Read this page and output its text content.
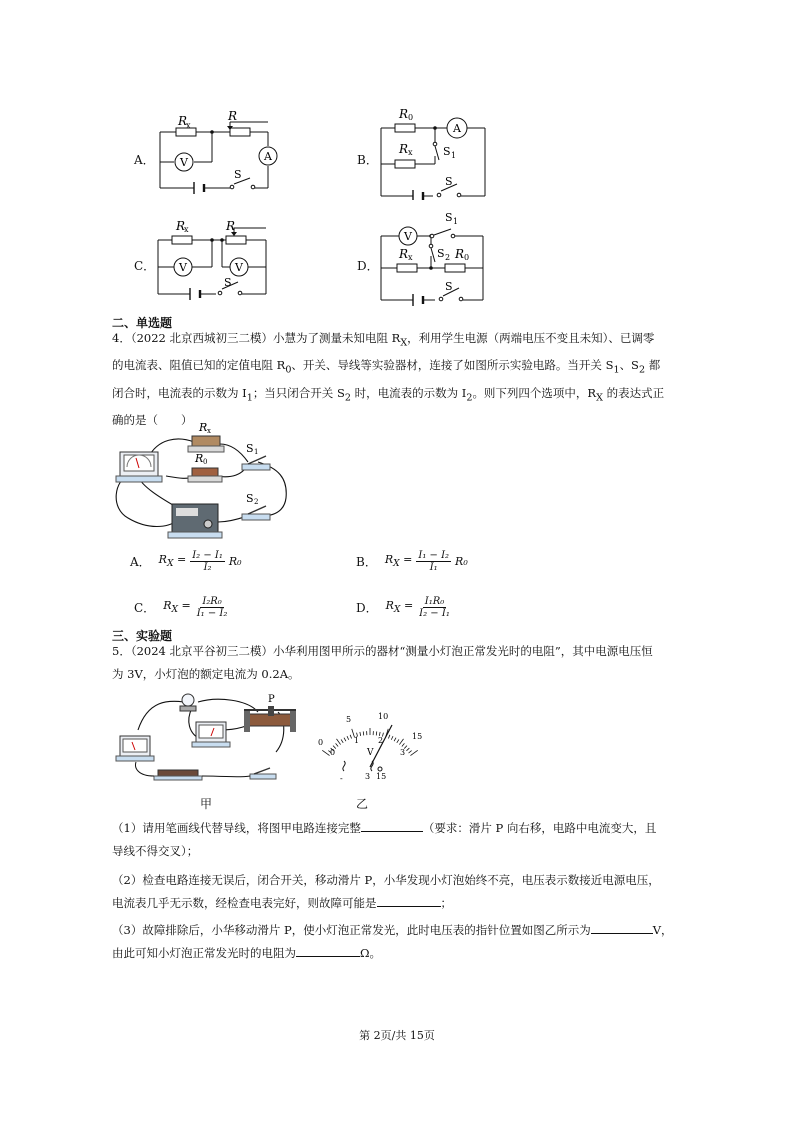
A． V	A
R
x
R
S
B．
A
R 0
R x	S 1
S
C． V	V
R
x	R
S
D．
V
S 1
S 2
R x	R 0
S
二、单选题
4．（2022 北京西城初三二模）小慧为了测量未知电阻 $R_X$，利用学生电源（两端电压不变且未知）、已调零
的电流表、阻值已知的定值电阻 $R_0$、开关、导线等实验器材，连接了如图所示实验电路。当开关 $S_1$、$S_2$ 都
闭合时，电流表的示数为 $I_1$；当只闭合开关 $S_2$ 时，电流表的示数为 $I_2$。则下列四个选项中，$R_X$ 的表达式正
确的是（　　）
R x
R 0
S 1
S 2
A． $R_X = \frac{\text{I₂ − I₁}}{\text{I₂}} R_0$	B． $R_X = \frac{\text{I₁ − I₂}}{\text{I₁}} R_0$
C． $R_X = \frac{\text{I₂R₀}}{\text{I₁ − I₂}}$	D． $R_X = \frac{\text{I₁R₀}}{\text{I₂ − I₁}}$
三、实验题
5．（2024 北京平谷初三二模）小华利用图甲所示的器材“测量小灯泡正常发光时的电阻”，其中电源电压恒
为 3V，小灯泡的额定电流为 0.2A。
P
0
5	10
15
0
1 2
3
V
-	3 15
甲	乙
（1）请用笔画线代替导线，将图甲电路连接完整	（要求：滑片 P 向右移，电路中电流变大，且
导线不得交叉）；
（2）检查电路连接无误后，闭合开关，移动滑片 P，小华发现小灯泡始终不亮，电压表示数接近电源电压，
电流表几乎无示数，经检查电表完好，则故障可能是	；
（3）故障排除后，小华移动滑片 P，使小灯泡正常发光，此时电压表的指针位置如图乙所示为	V，
由此可知小灯泡正常发光时的电阻为	Ω。
第 2页/共 15页
